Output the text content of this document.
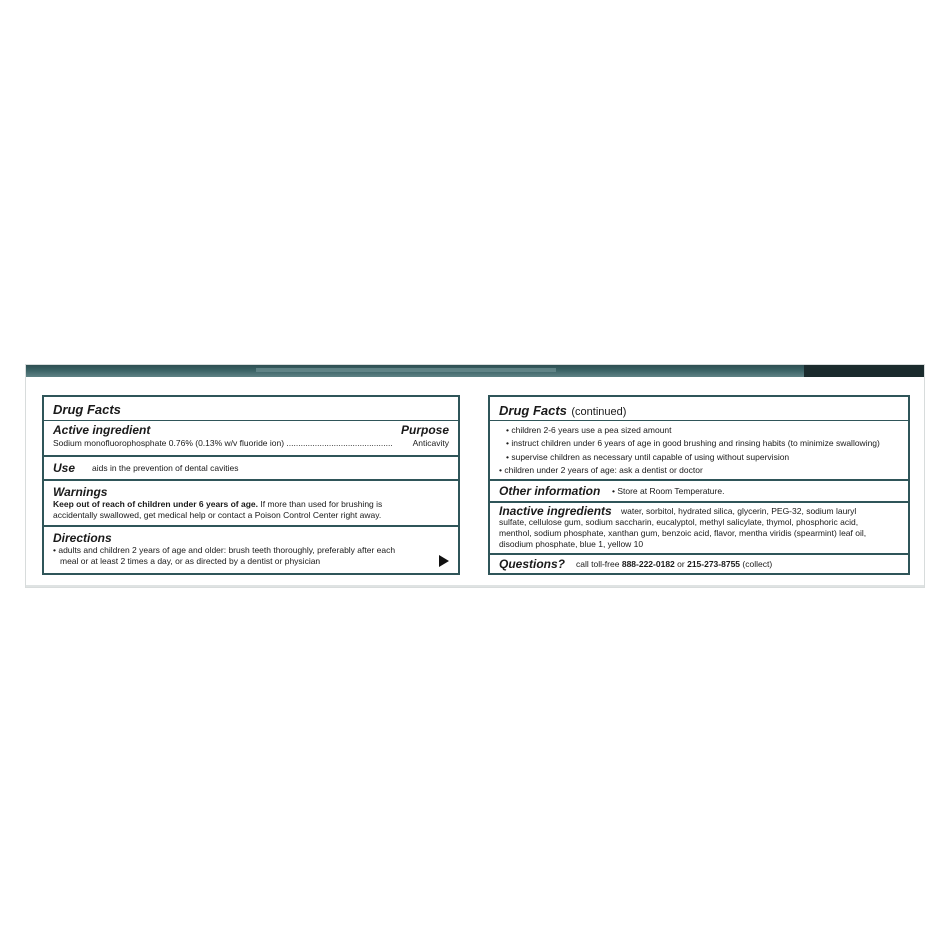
Drug Facts
Active ingredient	Purpose
Sodium monofluorophosphate 0.76% (0.13% w/v fluoride ion) ............................................. Anticavity
Use aids in the prevention of dental cavities
Warnings
Keep out of reach of children under 6 years of age. If more than used for brushing is
accidentally swallowed, get medical help or contact a Poison Control Center right away.
Directions
• adults and children 2 years of age and older: brush teeth thoroughly, preferably after each
meal or at least 2 times a day, or as directed by a dentist or physician
Drug Facts (continued)
• children 2-6 years use a pea sized amount
• instruct children under 6 years of age in good brushing and rinsing habits (to minimize swallowing)
• supervise children as necessary until capable of using without supervision
• children under 2 years of age: ask a dentist or doctor
Other information
•	Store at Room Temperature.
Inactive ingredients water, sorbitol, hydrated silica, glycerin, PEG-32, sodium lauryl
sulfate, cellulose gum, sodium saccharin, eucalyptol, methyl salicylate, thymol, phosphoric acid,
menthol, sodium phosphate, xanthan gum, benzoic acid, flavor, mentha viridis (spearmint) leaf oil,
disodium phosphate, blue 1, yellow 10
Questions? call toll-free 888-222-0182 or 215-273-8755 (collect)
